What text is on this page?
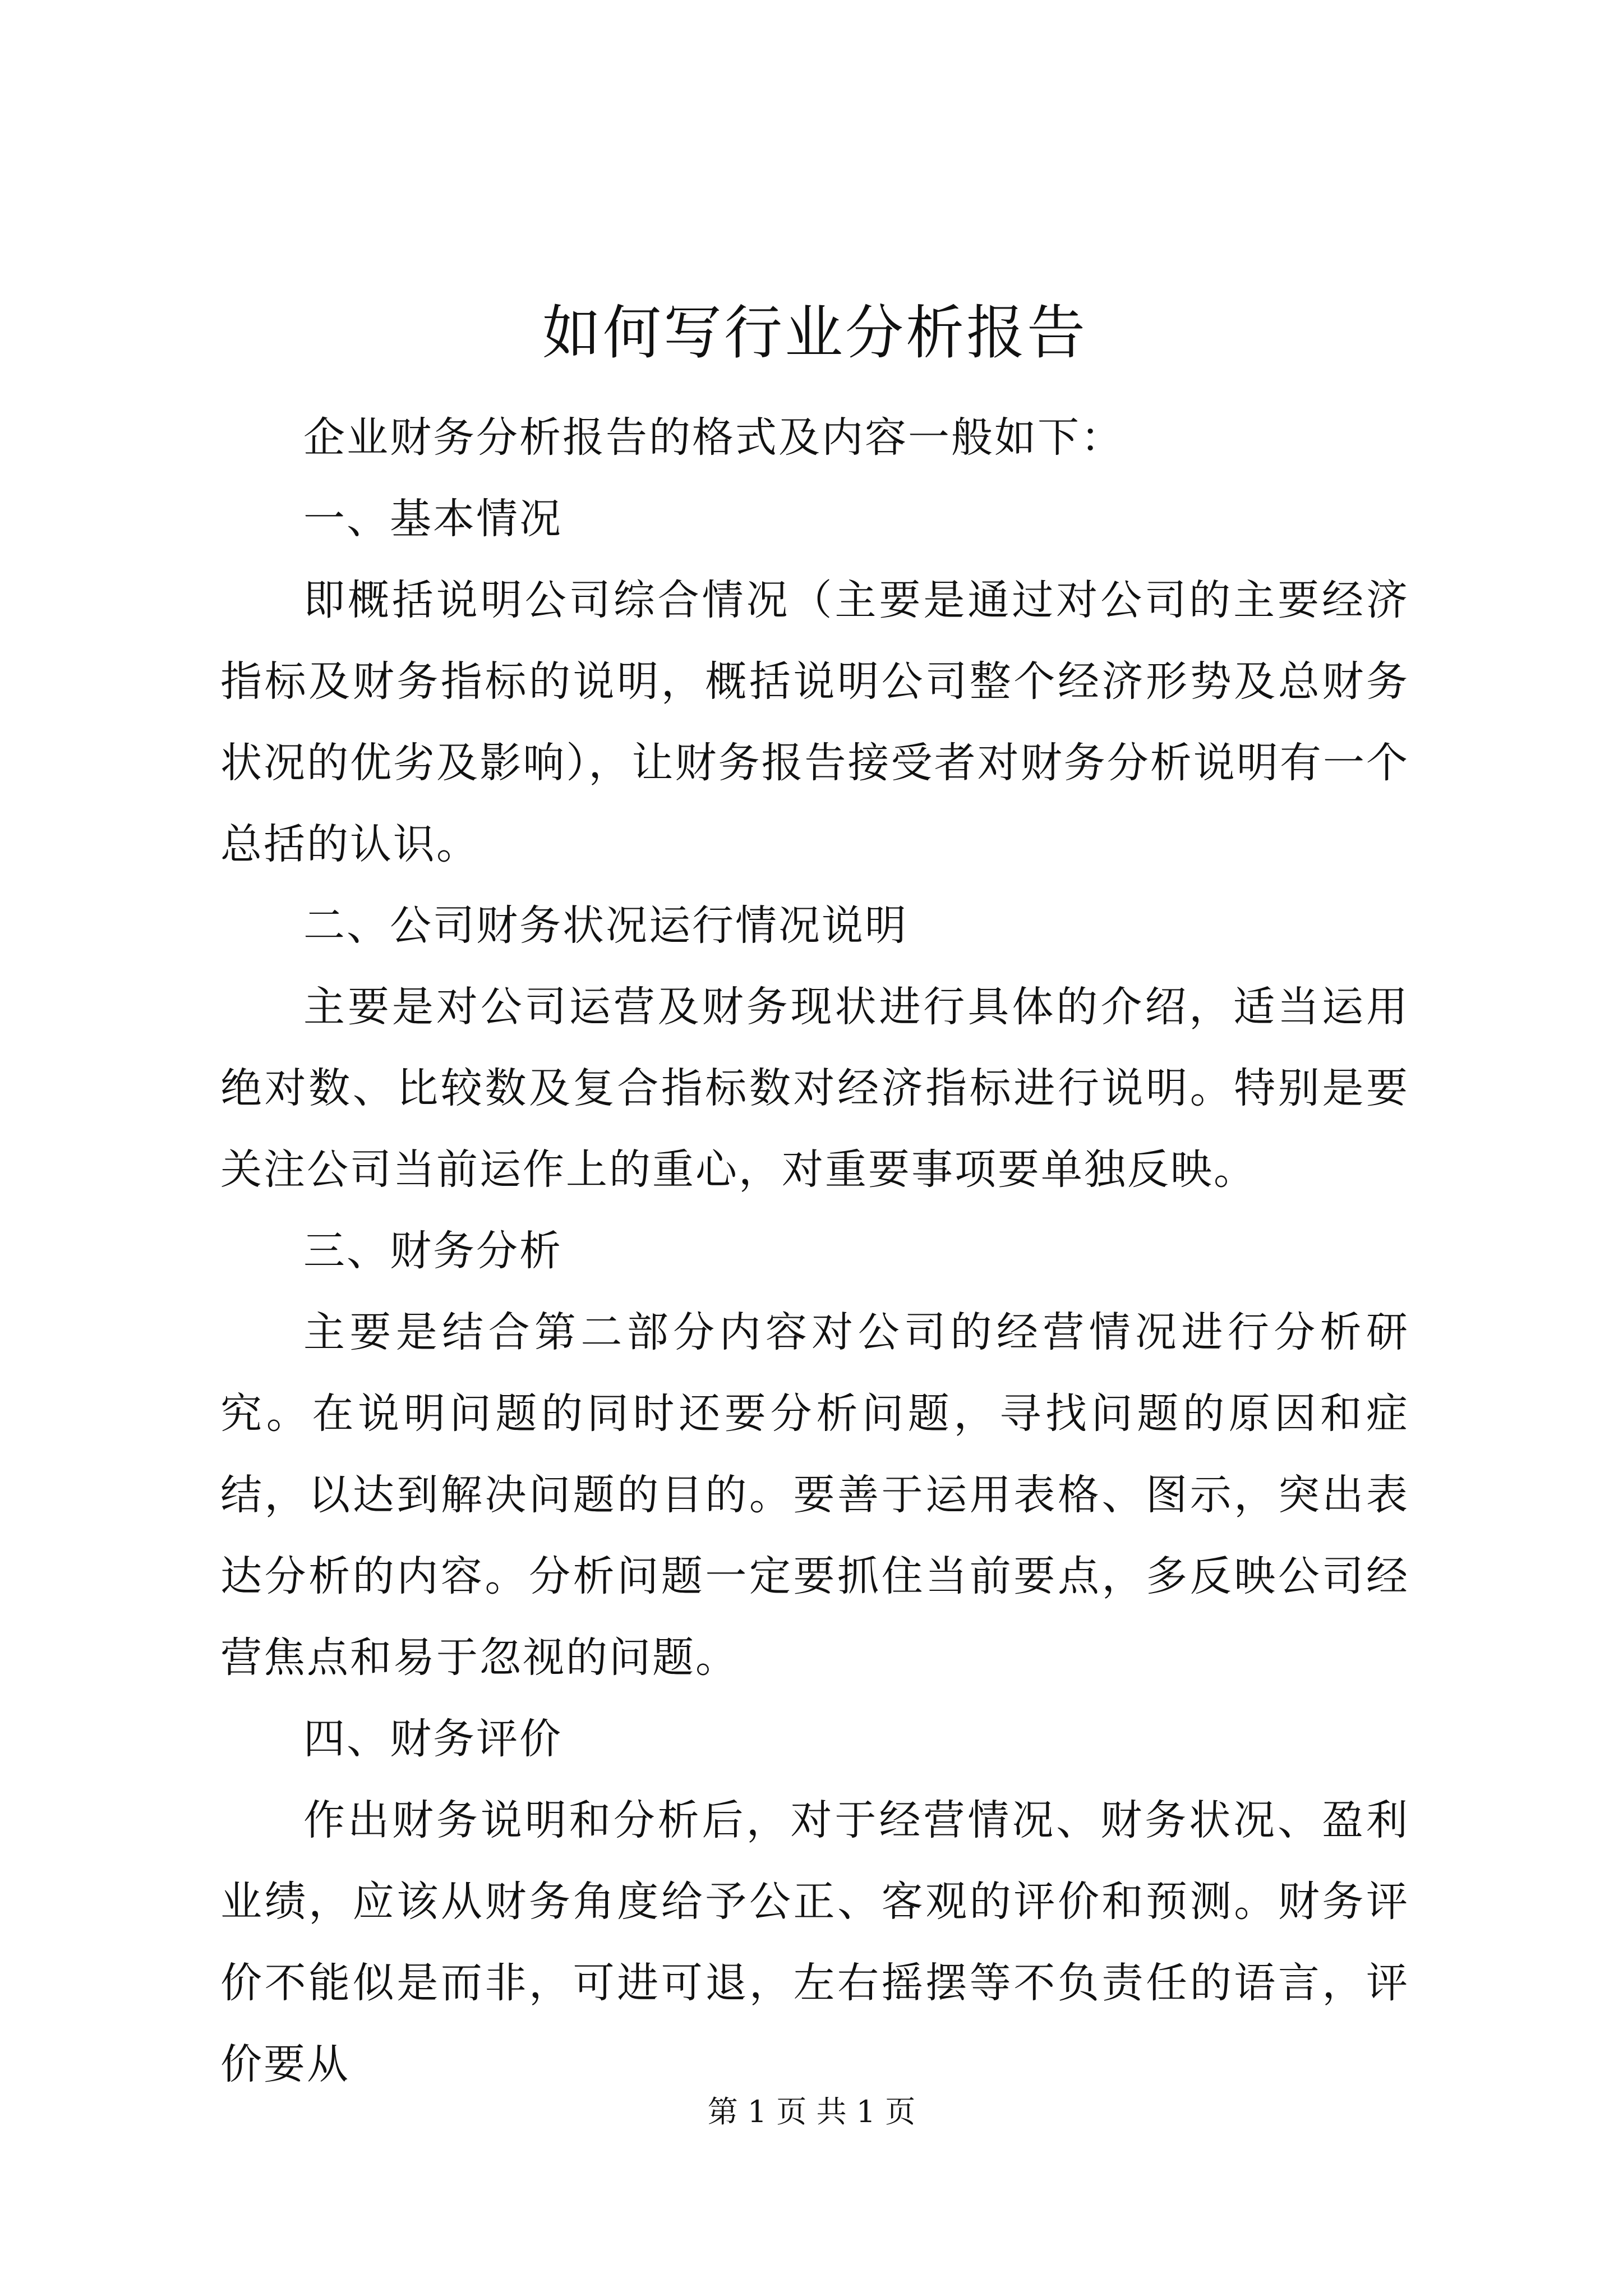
如何写行业分析报告

企业财务分析报告的格式及内容一般如下：

一、基本情况

即概括说明公司综合情况（主要是通过对公司的主要经济指标及财务指标的说明，概括说明公司整个经济形势及总财务状况的优劣及影响），让财务报告接受者对财务分析说明有一个总括的认识。

二、公司财务状况运行情况说明

主要是对公司运营及财务现状进行具体的介绍，适当运用绝对数、比较数及复合指标数对经济指标进行说明。特别是要关注公司当前运作上的重心，对重要事项要单独反映。

三、财务分析

主要是结合第二部分内容对公司的经营情况进行分析研究。在说明问题的同时还要分析问题，寻找问题的原因和症结，以达到解决问题的目的。要善于运用表格、图示，突出表达分析的内容。分析问题一定要抓住当前要点，多反映公司经营焦点和易于忽视的问题。

四、财务评价

作出财务说明和分析后，对于经营情况、财务状况、盈利业绩，应该从财务角度给予公正、客观的评价和预测。财务评价不能似是而非，可进可退，左右摇摆等不负责任的语言，评价要从

第 1 页 共 1 页
